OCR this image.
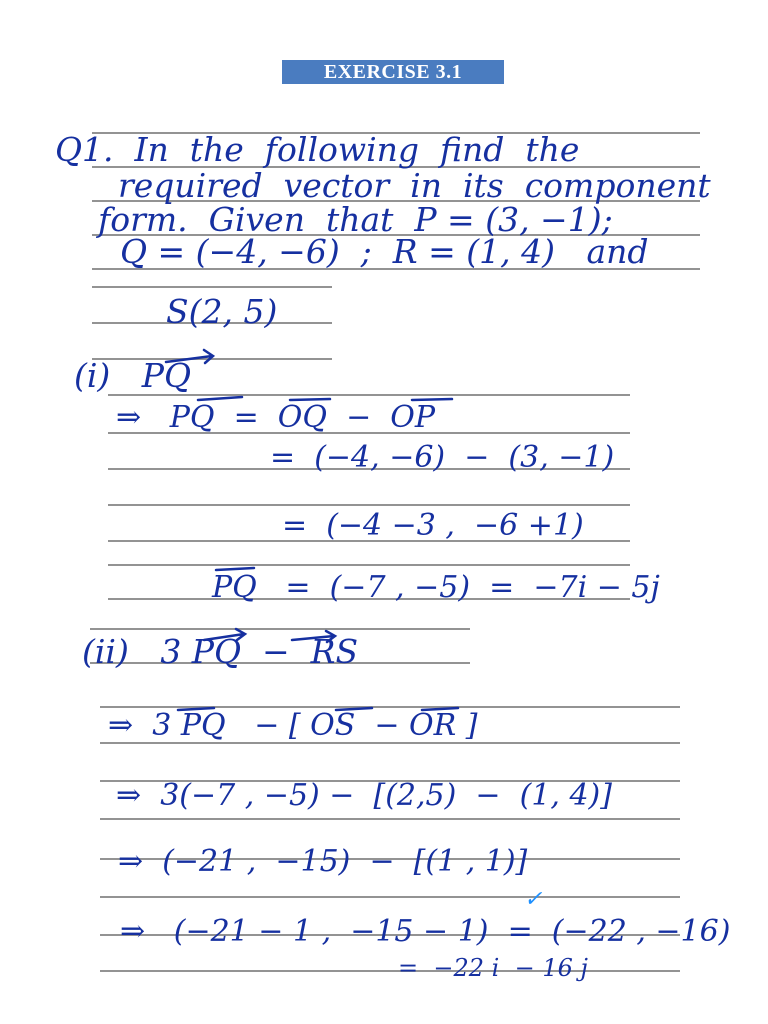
EXERCISE 3.1
Q1.  In  the  following  find  the
required  vector  in  its  component
form.  Given  that  P = (3, −1);
Q = (−4, −6)  ;  R = (1, 4)   and
S(2, 5)
(i)   PQ
⇒   PQ  =  OQ  −  OP
=  (−4, −6)  −  (3, −1)
=  (−4 −3 ,  −6 +1)
PQ   =  (−7 , −5)  =  −7i − 5j
(ii)   3 PQ  −  RS
⇒  3 PQ   − [ OS  − OR ]
⇒  3(−7 , −5) −  [(2,5)  −  (1, 4)]
⇒  (−21 ,  −15)  −  [(1 , 1)]
✓
⇒   (−21 − 1 ,  −15 − 1)  =  (−22 , −16)
=  −22 i  − 16 j
